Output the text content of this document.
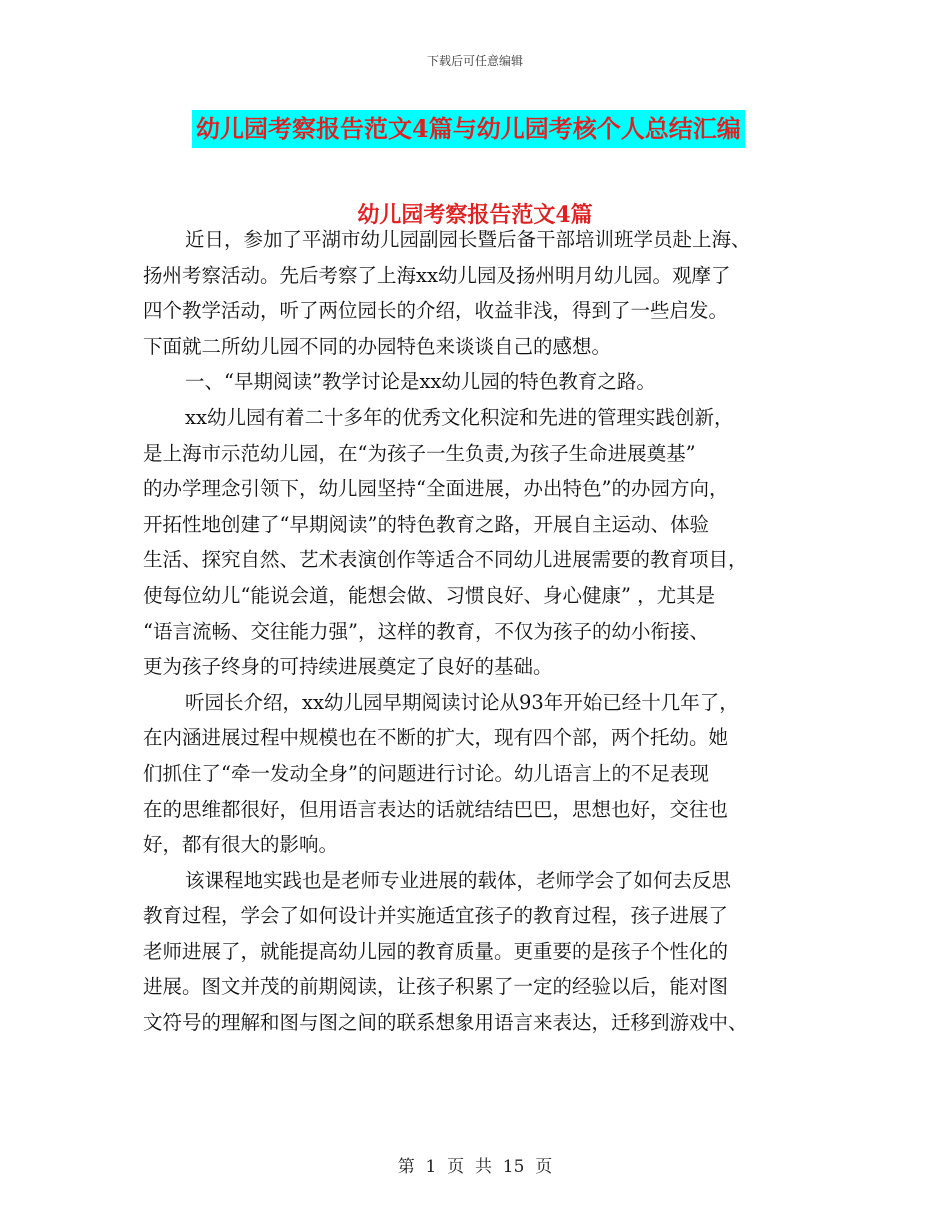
下载后可任意编辑
幼儿园考察报告范文4篇与幼儿园考核个人总结汇编
幼儿园考察报告范文4篇
近日，参加了平湖市幼儿园副园长暨后备干部培训班学员赴上海、
扬州考察活动。先后考察了上海xx幼儿园及扬州明月幼儿园。观摩了
四个教学活动，听了两位园长的介绍，收益非浅，得到了一些启发。
下面就二所幼儿园不同的办园特色来谈谈自己的感想。
一、“早期阅读”教学讨论是xx幼儿园的特色教育之路。
xx幼儿园有着二十多年的优秀文化积淀和先进的管理实践创新，
是上海市示范幼儿园，在“为孩子一生负责,为孩子生命进展奠基”
的办学理念引领下，幼儿园坚持“全面进展，办出特色”的办园方向，
开拓性地创建了“早期阅读”的特色教育之路，开展自主运动、体验
生活、探究自然、艺术表演创作等适合不同幼儿进展需要的教育项目，
使每位幼儿“能说会道，能想会做、习惯良好、身心健康” ，尤其是
“语言流畅、交往能力强”，这样的教育，不仅为孩子的幼小衔接、
更为孩子终身的可持续进展奠定了良好的基础。
听园长介绍，xx幼儿园早期阅读讨论从93年开始已经十几年了，
在内涵进展过程中规模也在不断的扩大，现有四个部，两个托幼。她
们抓住了“牵一发动全身”的问题进行讨论。幼儿语言上的不足表现
在的思维都很好，但用语言表达的话就结结巴巴，思想也好，交往也
好，都有很大的影响。
该课程地实践也是老师专业进展的载体，老师学会了如何去反思
教育过程，学会了如何设计并实施适宜孩子的教育过程，孩子进展了
老师进展了，就能提高幼儿园的教育质量。更重要的是孩子个性化的
进展。图文并茂的前期阅读，让孩子积累了一定的经验以后，能对图
文符号的理解和图与图之间的联系想象用语言来表达，迁移到游戏中、
第  1  页  共  15  页
